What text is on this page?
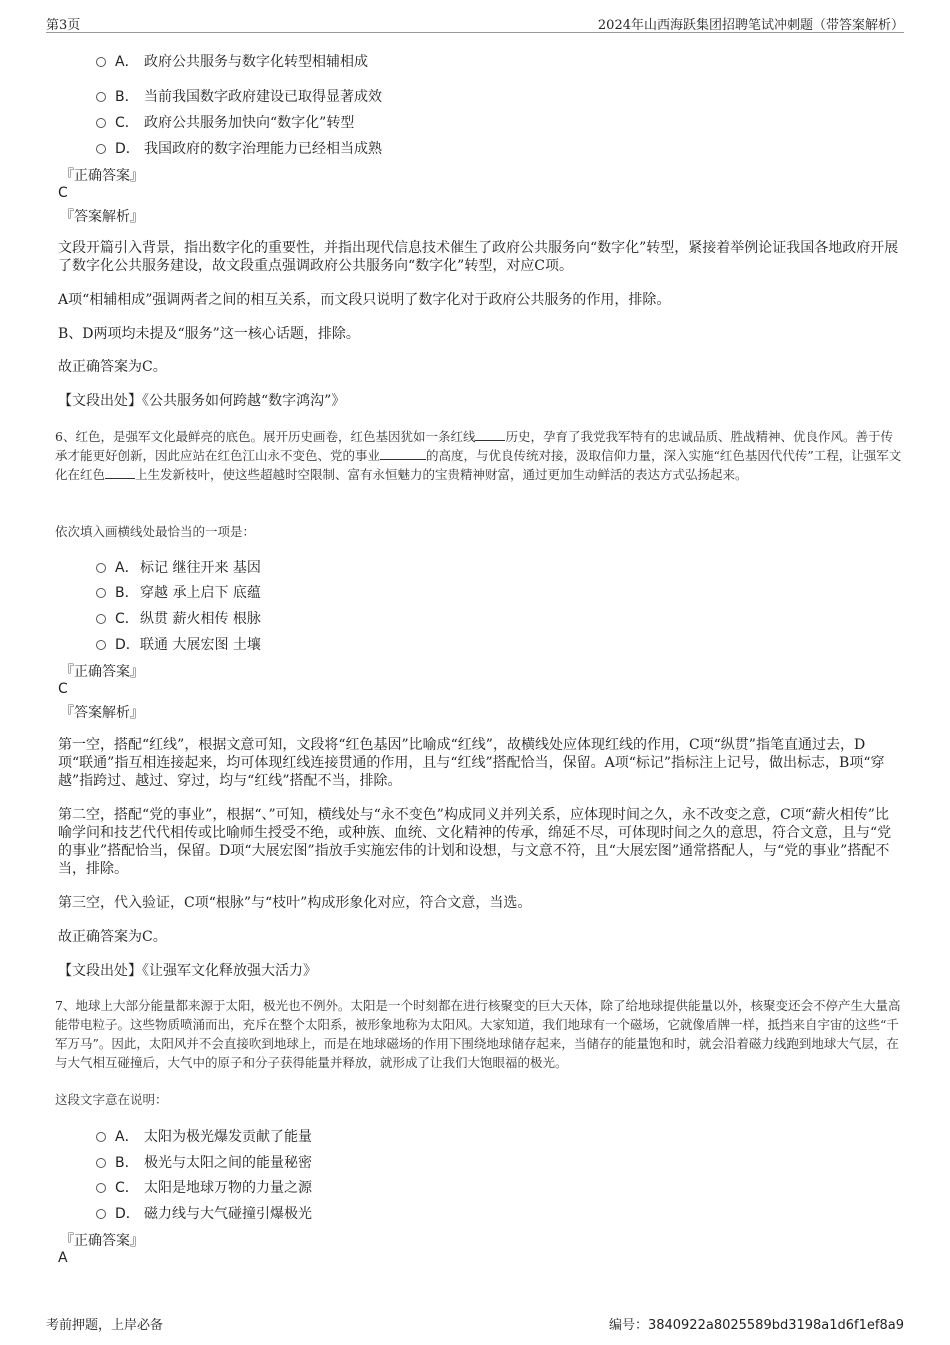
第3页	2024年山西海跃集团招聘笔试冲刺题（带答案解析）
A． 政府公共服务与数字化转型相辅相成
B． 当前我国数字政府建设已取得显著成效
C． 政府公共服务加快向“数字化”转型
D． 我国政府的数字治理能力已经相当成熟
『正确答案』
C
『答案解析』
文段开篇引入背景，指出数字化的重要性，并指出现代信息技术催生了政府公共服务向“数字化”转型，紧接着举例论证我国各地政府开展了数字化公共服务建设，故文段重点强调政府公共服务向“数字化”转型，对应C项。
A项“相辅相成”强调两者之间的相互关系，而文段只说明了数字化对于政府公共服务的作用，排除。
B、D两项均未提及“服务”这一核心话题，排除。
故正确答案为C。
【文段出处】《公共服务如何跨越“数字鸿沟”》
6、红色，是强军文化最鲜亮的底色。展开历史画卷，红色基因犹如一条红线 历史，孕育了我党我军特有的忠诚品质、胜战精神、优良作风。善于传承才能更好创新，因此应站在红色江山永不变色、党的事业	的高度，与优良传统对接，汲取信仰力量，深入实施“红色基因代代传”工程，让强军文化在红色 上生发新枝叶，使这些超越时空限制、富有永恒魅力的宝贵精神财富，通过更加生动鲜活的表达方式弘扬起来。
依次填入画横线处最恰当的一项是：
A． 标记 继往开来 基因
B． 穿越 承上启下 底蕴
C． 纵贯 薪火相传 根脉
D． 联通 大展宏图 土壤
『正确答案』
C
『答案解析』
第一空，搭配“红线”，根据文意可知，文段将“红色基因”比喻成“红线”，故横线处应体现红线的作用，C项“纵贯”指笔直通过去，D项“联通”指互相连接起来，均可体现红线连接贯通的作用，且与“红线”搭配恰当，保留。A项“标记”指标注上记号，做出标志，B项“穿越”指跨过、越过、穿过，均与“红线”搭配不当，排除。
第二空，搭配“党的事业”，根据“、”可知，横线处与“永不变色”构成同义并列关系，应体现时间之久，永不改变之意，C项“薪火相传”比喻学问和技艺代代相传或比喻师生授受不绝，或种族、血统、文化精神的传承，绵延不尽，可体现时间之久的意思，符合文意，且与“党的事业”搭配恰当，保留。D项“大展宏图”指放手实施宏伟的计划和设想，与文意不符，且“大展宏图”通常搭配人，与“党的事业”搭配不当，排除。
第三空，代入验证，C项“根脉”与“枝叶”构成形象化对应，符合文意，当选。
故正确答案为C。
【文段出处】《让强军文化释放强大活力》
7、地球上大部分能量都来源于太阳，极光也不例外。太阳是一个时刻都在进行核聚变的巨大天体，除了给地球提供能量以外，核聚变还会不停产生大量高能带电粒子。这些物质喷涌而出，充斥在整个太阳系，被形象地称为太阳风。大家知道，我们地球有一个磁场，它就像盾牌一样，抵挡来自宇宙的这些“千军万马”。因此，太阳风并不会直接吹到地球上，而是在地球磁场的作用下围绕地球储存起来，当储存的能量饱和时，就会沿着磁力线跑到地球大气层，在与大气相互碰撞后，大气中的原子和分子获得能量并释放，就形成了让我们大饱眼福的极光。
这段文字意在说明：
A． 太阳为极光爆发贡献了能量
B． 极光与太阳之间的能量秘密
C． 太阳是地球万物的力量之源
D． 磁力线与大气碰撞引爆极光
『正确答案』
A
考前押题，上岸必备	编号：3840922a8025589bd3198a1d6f1ef8a9
